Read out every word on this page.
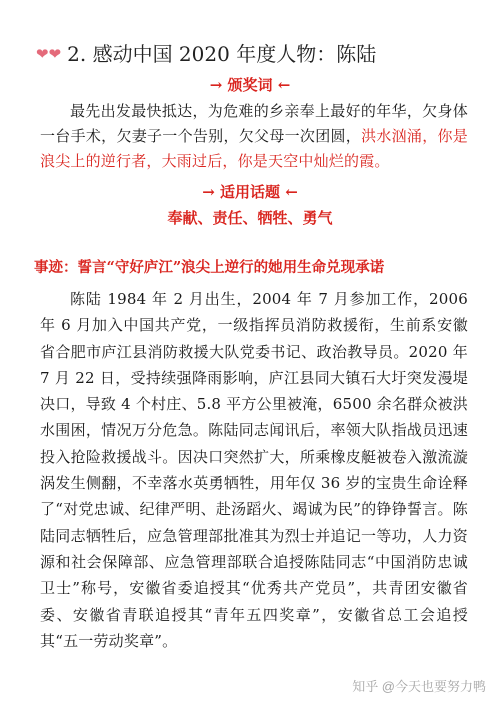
❤❤ 2. 感动中国 2020 年度人物：陈陆
→ 颁奖词 ←
最先出发最快抵达，为危难的乡亲奉上最好的年华，欠身体一台手术，欠妻子一个告别，欠父母一次团圆，洪水汹涌，你是浪尖上的逆行者，大雨过后，你是天空中灿烂的霞。
→ 适用话题 ←
奉献、责任、牺牲、勇气
事迹：誓言“守好庐江”浪尖上逆行的她用生命兑现承诺
陈陆 1984 年 2 月出生，2004 年 7 月参加工作，2006 年 6 月加入中国共产党，一级指挥员消防救援衔，生前系安徽省合肥市庐江县消防救援大队党委书记、政治教导员。2020 年 7 月 22 日，受持续强降雨影响，庐江县同大镇石大圩突发漫堤决口，导致 4 个村庄、5.8 平方公里被淹，6500 余名群众被洪水围困，情况万分危急。陈陆同志闻讯后，率领大队指战员迅速投入抢险救援战斗。因决口突然扩大，所乘橡皮艇被卷入激流漩涡发生侧翻，不幸落水英勇牺牲，用年仅 36 岁的宝贵生命诠释了“对党忠诚、纪律严明、赴汤蹈火、竭诚为民”的铮铮誓言。陈陆同志牺牲后，应急管理部批准其为烈士并追记一等功，人力资源和社会保障部、应急管理部联合追授陈陆同志“中国消防忠诚卫士”称号，安徽省委追授其“优秀共产党员”，共青团安徽省委、安徽省青联追授其“青年五四奖章”，安徽省总工会追授其“五一劳动奖章”。
知乎 @今天也要努力鸭
